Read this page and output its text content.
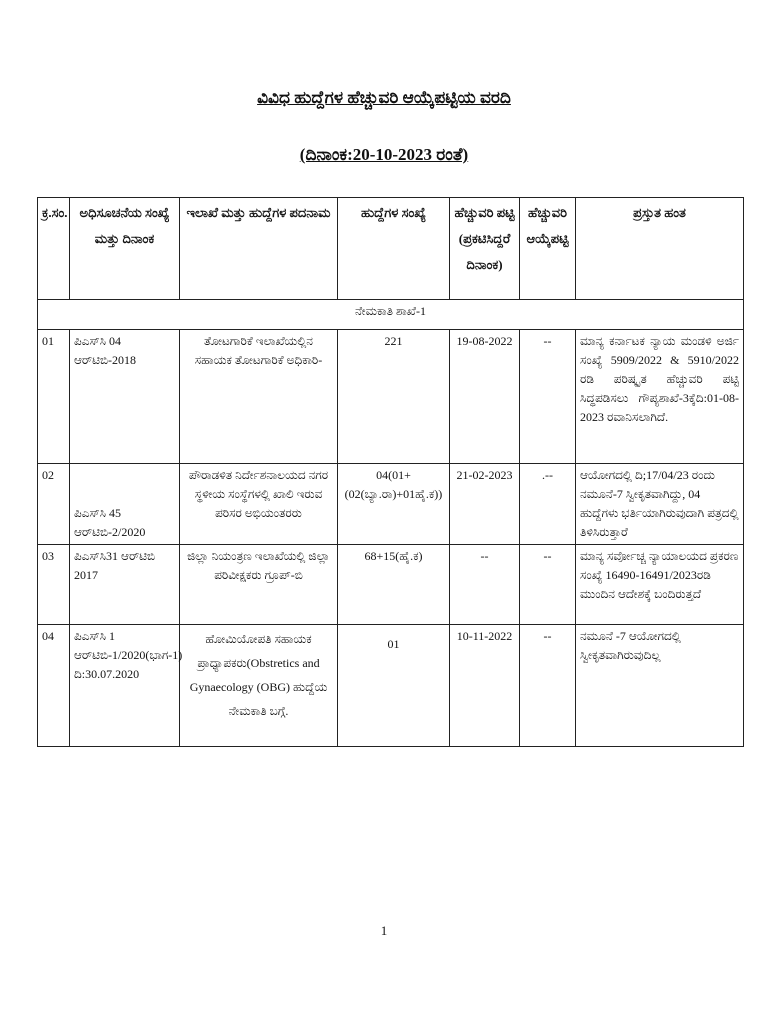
ವಿವಿಧ ಹುದ್ದೆಗಳ ಹೆಚ್ಚುವರಿ ಆಯ್ಕೆಪಟ್ಟಿಯ ವರದಿ
(ದಿನಾಂಕ:20-10-2023 ರಂತೆ)
ಕ್ರ.ಸಂ.	ಅಧಿಸೂಚನೆಯ ಸಂಖ್ಯೆ ಮತ್ತು ದಿನಾಂಕ	ಇಲಾಖೆ ಮತ್ತು ಹುದ್ದೆಗಳ ಪದನಾಮ	ಹುದ್ದೆಗಳ ಸಂಖ್ಯೆ	ಹೆಚ್ಚುವರಿ ಪಟ್ಟಿ (ಪ್ರಕಟಿಸಿದ್ದರೆ ದಿನಾಂಕ)	ಹೆಚ್ಚುವರಿ ಆಯ್ಕೆಪಟ್ಟಿ	ಪ್ರಸ್ತುತ ಹಂತ
ನೇಮಕಾತಿ ಶಾಖೆ-1						
01	ಪಿಎಸ್‌ಸಿ 04 ಆರ್‌ಟಿಬಿ-2018	ತೋಟಗಾರಿಕೆ ಇಲಾಖೆಯಲ್ಲಿನ ಸಹಾಯಕ ತೋಟಗಾರಿಕೆ ಅಧಿಕಾರಿ-	221	19-08-2022	--	ಮಾನ್ಯ ಕರ್ನಾಟಕ ನ್ಯಾಯ ಮಂಡಳಿ ಅರ್ಜಿ ಸಂಖ್ಯೆ 5909/2022 & 5910/2022 ರಡಿ ಪರಿಷ್ಕೃತ ಹೆಚ್ಚುವರಿ ಪಟ್ಟಿ ಸಿದ್ಧಪಡಿಸಲು ಗೌಪ್ಯಶಾಖೆ-3ಕ್ಕೆದಿ:01-08-2023 ರವಾನಿಸಲಾಗಿದೆ.
02	ಪಿಎಸ್‌ಸಿ 45 ಆರ್‌ಟಿಬಿ-2/2020	ಪೌರಾಡಳಿತ ನಿರ್ದೇಶನಾಲಯದ ನಗರ ಸ್ಥಳೀಯ ಸಂಸ್ಥೆಗಳಲ್ಲಿ ಖಾಲಿ ಇರುವ ಪರಿಸರ ಅಭಿಯಂತರರು	04(01+(02(ಬ್ಯಾ.ರಾ)+01ಹೈ.ಕ))	21-02-2023	.--	ಆಯೋಗದಲ್ಲಿ ದಿ;17/04/23 ರಂದು ನಮೂನೆ-7 ಸ್ವೀಕೃತವಾಗಿದ್ದು, 04 ಹುದ್ದೆಗಳು ಭರ್ತಿಯಾಗಿರುವುದಾಗಿ ಪತ್ರದಲ್ಲಿ ತಿಳಿಸಿರುತ್ತಾರೆ
03	ಪಿಎಸ್‌ಸಿ31 ಆರ್‌ಟಿಬಿ 2017	ಜಿಲ್ಲಾ ನಿಯಂತ್ರಣ ಇಲಾಖೆಯಲ್ಲಿ ಜಿಲ್ಲಾ ಪರಿವೀಕ್ಷಕರು ಗ್ರೂಪ್-ಬಿ	68+15(ಹೈ.ಕ)	--	--	ಮಾನ್ಯ ಸರ್ವೋಚ್ಚ ನ್ಯಾಯಾಲಯದ ಪ್ರಕರಣ ಸಂಖ್ಯೆ 16490-16491/2023ರಡಿ ಮುಂದಿನ ಆದೇಶಕ್ಕೆ ಬಂದಿರುತ್ತದೆ
04	ಪಿಎಸ್‌ಸಿ 1 ಆರ್‌ಟಿಬಿ-1/2020(ಭಾಗ-1) ದಿ:30.07.2020	ಹೋಮಿಯೋಪತಿ ಸಹಾಯಕ ಪ್ರಾಧ್ಯಾಪಕರು(Obstretics and Gynaecology (OBG) ಹುದ್ದೆಯ ನೇಮಕಾತಿ ಬಗ್ಗೆ.	01	10-11-2022	--	ನಮೂನೆ -7 ಆಯೋಗದಲ್ಲಿ ಸ್ವೀಕೃತವಾಗಿರುವುದಿಲ್ಲ
1
